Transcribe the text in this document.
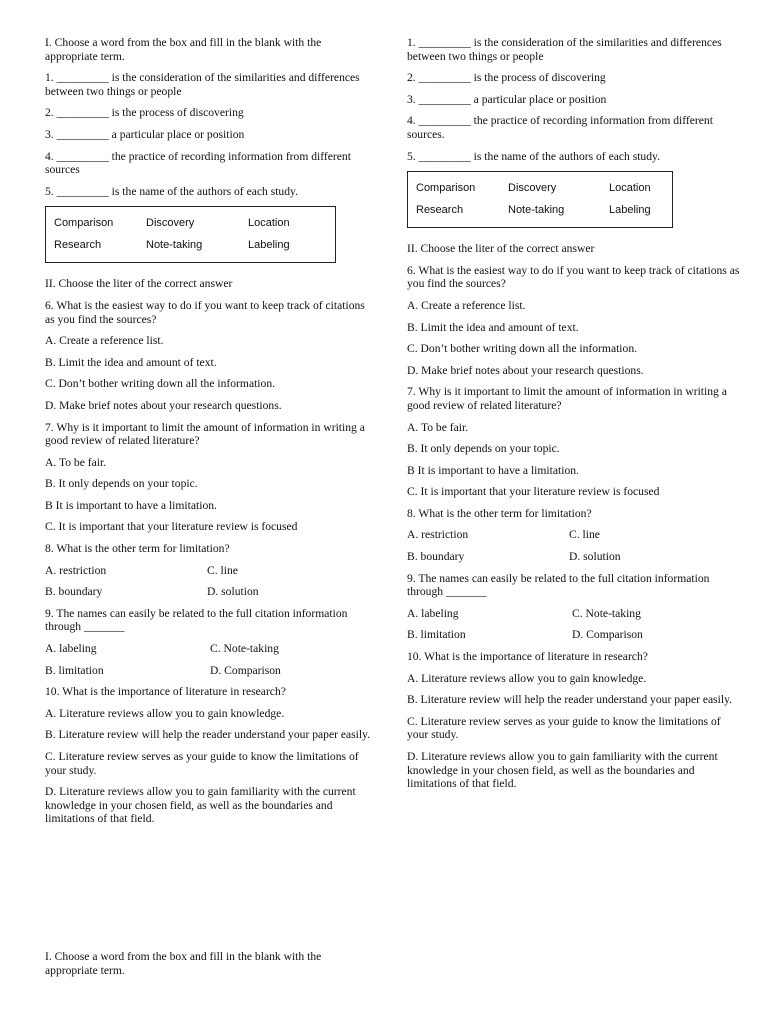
I. Choose a word from the box and fill in the blank with the appropriate term.

1. _________ is the consideration of the similarities and differences between two things or people

2. _________ is the process of discovering

3. _________ a particular place or position

4. _________ the practice of recording information from different sources

5. _________ is the name of the authors of each study.

Comparison	Discovery	Location
Research	Note-taking	Labeling

II. Choose the liter of the correct answer

6. What is the easiest way to do if you want to keep track of citations as you find the sources?

A. Create a reference list.

B. Limit the idea and amount of text.

C. Don’t bother writing down all the information.

D. Make brief notes about your research questions.

7. Why is it important to limit the amount of information in writing a good review of related literature?

A. To be fair.

B. It only depends on your topic.

B It is important to have a limitation.

C. It is important that your literature review is focused

8. What is the other term for limitation?

A. restriction	C. line
B. boundary	D. solution

9. The names can easily be related to the full citation information through _______

A. labeling	C. Note-taking
B. limitation	D. Comparison

10. What is the importance of literature in research?

A. Literature reviews allow you to gain knowledge.

B. Literature review will help the reader understand your paper easily.

C. Literature review serves as your guide to know the limitations of your study.

D. Literature reviews allow you to gain familiarity with the current knowledge in your chosen field, as well as the boundaries and limitations of that field.

1. _________ is the consideration of the similarities and differences between two things or people

2. _________ is the process of discovering

3. _________ a particular place or position

4. _________ the practice of recording information from different sources.

5. _________ is the name of the authors of each study.

Comparison	Discovery	Location
Research	Note-taking	Labeling

II. Choose the liter of the correct answer

6. What is the easiest way to do if you want to keep track of citations as you find the sources?

A. Create a reference list.

B. Limit the idea and amount of text.

C. Don’t bother writing down all the information.

D. Make brief notes about your research questions.

7. Why is it important to limit the amount of information in writing a good review of related literature?

A. To be fair.

B. It only depends on your topic.

B It is important to have a limitation.

C. It is important that your literature review is focused

8. What is the other term for limitation?

A. restriction	C. line
B. boundary	D. solution

9. The names can easily be related to the full citation information through _______

A. labeling	C. Note-taking
B. limitation	D. Comparison

10. What is the importance of literature in research?

A. Literature reviews allow you to gain knowledge.

B. Literature review will help the reader understand your paper easily.

C. Literature review serves as your guide to know the limitations of your study.

D. Literature reviews allow you to gain familiarity with the current knowledge in your chosen field, as well as the boundaries and limitations of that field.

I. Choose a word from the box and fill in the blank with the appropriate term.
